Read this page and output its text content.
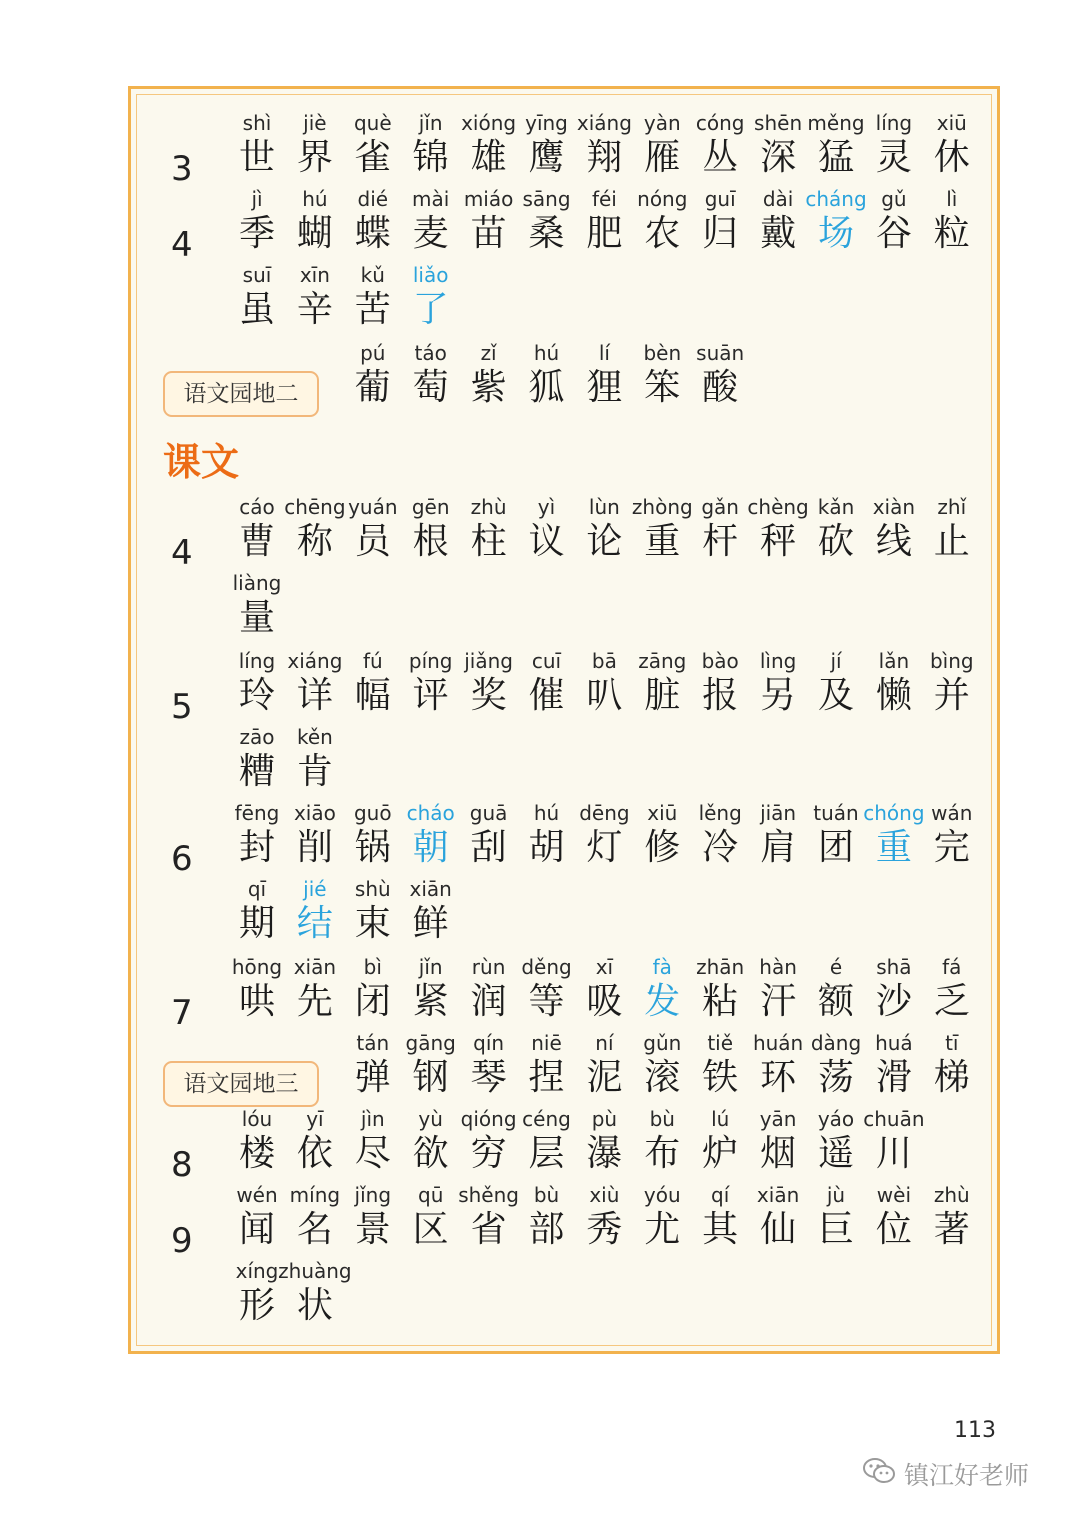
3
shì
世
jiè
界
què
雀
jǐn
锦
xióng
雄
yīng
鹰
xiáng
翔
yàn
雁
cóng
丛
shēn
深
měng
猛
líng
灵
xiū
休
4
jì
季
hú
蝴
dié
蝶
mài
麦
miáo
苗
sāng
桑
féi
肥
nóng
农
guī
归
dài
戴
cháng
场
gǔ
谷
lì
粒
suī
虽
xīn
辛
kǔ
苦
liǎo
了
语文园地二
pú
葡
táo
萄
zǐ
紫
hú
狐
lí
狸
bèn
笨
suān
酸
4
cáo
曹
chēng
称
yuán
员
gēn
根
zhù
柱
yì
议
lùn
论
zhòng
重
gǎn
杆
chèng
秤
kǎn
砍
xiàn
线
zhǐ
止
liàng
量
5
líng
玲
xiáng
详
fú
幅
píng
评
jiǎng
奖
cuī
催
bā
叭
zāng
脏
bào
报
lìng
另
jí
及
lǎn
懒
bìng
并
zāo
糟
kěn
肯
6
fēng
封
xiāo
削
guō
锅
cháo
朝
guā
刮
hú
胡
dēng
灯
xiū
修
lěng
冷
jiān
肩
tuán
团
chóng
重
wán
完
qī
期
jié
结
shù
束
xiān
鲜
7
hōng
哄
xiān
先
bì
闭
jǐn
紧
rùn
润
děng
等
xī
吸
fà
发
zhān
粘
hàn
汗
é
额
shā
沙
fá
乏
语文园地三
tán
弹
gāng
钢
qín
琴
niē
捏
ní
泥
gǔn
滚
tiě
铁
huán
环
dàng
荡
huá
滑
tī
梯
8
lóu
楼
yī
依
jìn
尽
yù
欲
qióng
穷
céng
层
pù
瀑
bù
布
lú
炉
yān
烟
yáo
遥
chuān
川
9
wén
闻
míng
名
jǐng
景
qū
区
shěng
省
bù
部
xiù
秀
yóu
尤
qí
其
xiān
仙
jù
巨
wèi
位
zhù
著
xíng
形
zhuàng
状
课文
113
镇江好老师
